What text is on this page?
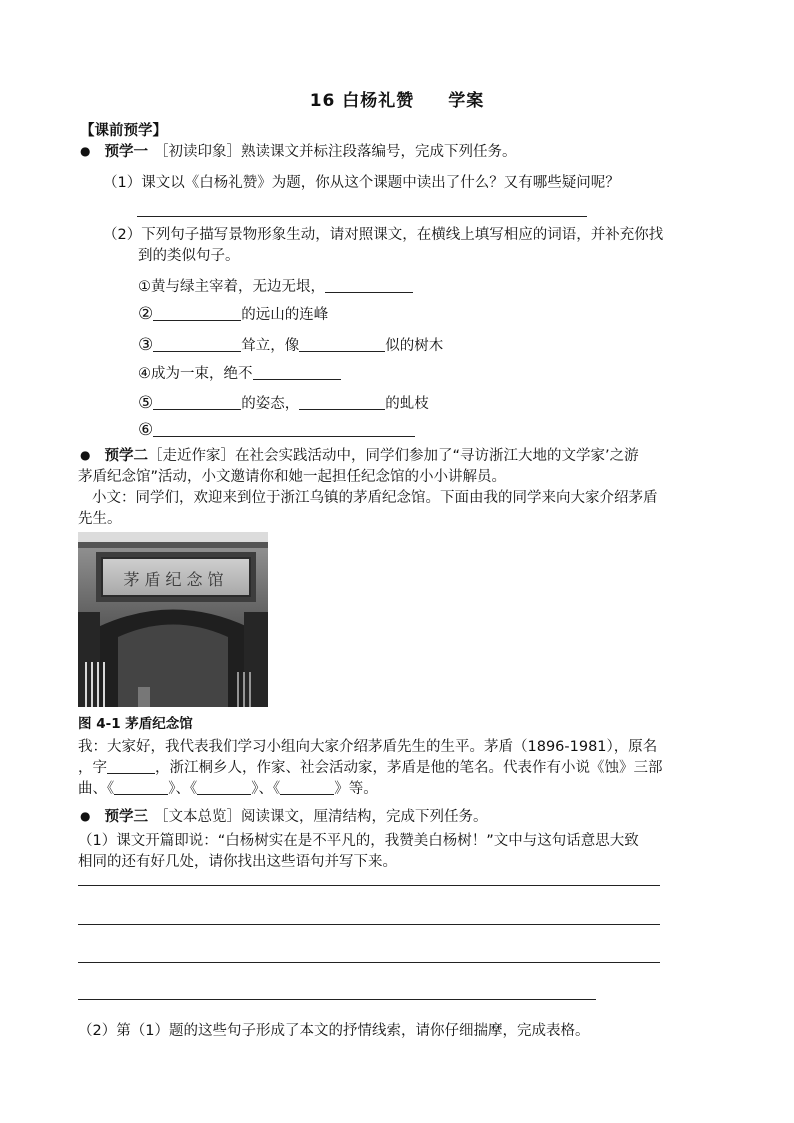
16 白杨礼赞 学案
【课前预学】
● 预学一 ［初读印象］熟读课文并标注段落编号，完成下列任务。
（1）课文以《白杨礼赞》为题，你从这个课题中读出了什么？又有哪些疑问呢？
（2）下列句子描写景物形象生动，请对照课文，在横线上填写相应的词语，并补充你找
到的类似句子。
①黄与绿主宰着，无边无垠，
②	的远山的连峰
③	耸立，像	似的树木
④成为一束，绝不
⑤	的姿态，	的虬枝
⑥
● 预学二［走近作家］在社会实践活动中，同学们参加了“寻访浙江大地的文学家’之游
茅盾纪念馆”活动，小文邀请你和她一起担任纪念馆的小小讲解员。
小文：同学们，欢迎来到位于浙江乌镇的茅盾纪念馆。下面由我的同学来向大家介绍茅盾
先生。
茅盾纪念馆
图 4-1 茅盾纪念馆
我：大家好，我代表我们学习小组向大家介绍茅盾先生的生平。茅盾（1896-1981），原名
，字	，浙江桐乡人，作家、社会活动家，茅盾是他的笔名。代表作有小说《蚀》三部
曲、《	》、《	》、《	》等。
● 预学三 ［文本总览］阅读课文，厘清结构，完成下列任务。
（1）课文开篇即说：“白杨树实在是不平凡的，我赞美白杨树！”文中与这句话意思大致
相同的还有好几处，请你找出这些语句并写下来。
（2）第（1）题的这些句子形成了本文的抒情线索，请你仔细揣摩，完成表格。
